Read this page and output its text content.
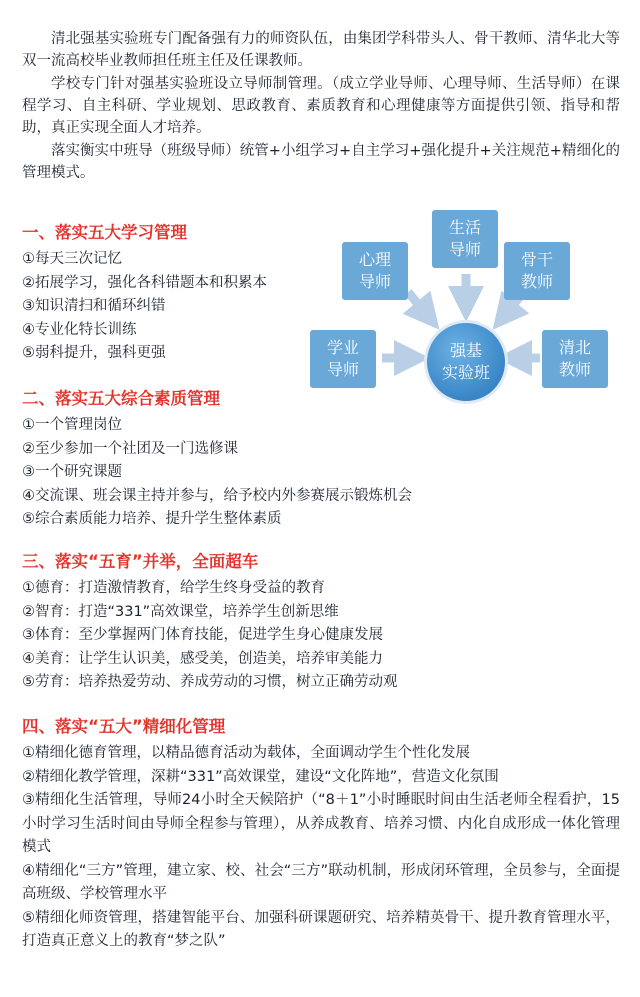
清北强基实验班专门配备强有力的师资队伍，由集团学科带头人、骨干教师、清华北大等双一流高校毕业教师担任班主任及任课教师。

学校专门针对强基实验班设立导师制管理。（成立学业导师、心理导师、生活导师）在课程学习、自主科研、学业规划、思政教育、素质教育和心理健康等方面提供引领、指导和帮助，真正实现全面人才培养。

落实衡实中班导（班级导师）统管+小组学习+自主学习+强化提升+关注规范+精细化的管理模式。

一、落实五大学习管理
①每天三次记忆
②拓展学习，强化各科错题本和积累本
③知识清扫和循环纠错
④专业化特长训练
⑤弱科提升，强科更强
心理
导师
生活
导师
骨干
教师
学业
导师
清北
教师
强基
实验班
二、落实五大综合素质管理
①一个管理岗位
②至少参加一个社团及一门选修课
③一个研究课题
④交流课、班会课主持并参与，给予校内外参赛展示锻炼机会
⑤综合素质能力培养、提升学生整体素质
三、落实“五育”并举，全面超车
①德育：打造激情教育，给学生终身受益的教育
②智育：打造“331”高效课堂，培养学生创新思维
③体育：至少掌握两门体育技能，促进学生身心健康发展
④美育：让学生认识美，感受美，创造美，培养审美能力
⑤劳育：培养热爱劳动、养成劳动的习惯，树立正确劳动观
四、落实“五大”精细化管理
①精细化德育管理，以精品德育活动为载体，全面调动学生个性化发展
②精细化教学管理，深耕“331”高效课堂，建设“文化阵地”，营造文化氛围
③精细化生活管理，导师24小时全天候陪护（“8＋1”小时睡眠时间由生活老师全程看护，15小时学习生活时间由导师全程参与管理），从养成教育、培养习惯、内化自成形成一体化管理模式
④精细化“三方”管理，建立家、校、社会“三方”联动机制，形成闭环管理，全员参与，全面提高班级、学校管理水平
⑤精细化师资管理，搭建智能平台、加强科研课题研究、培养精英骨干、提升教育管理水平，打造真正意义上的教育“梦之队”
